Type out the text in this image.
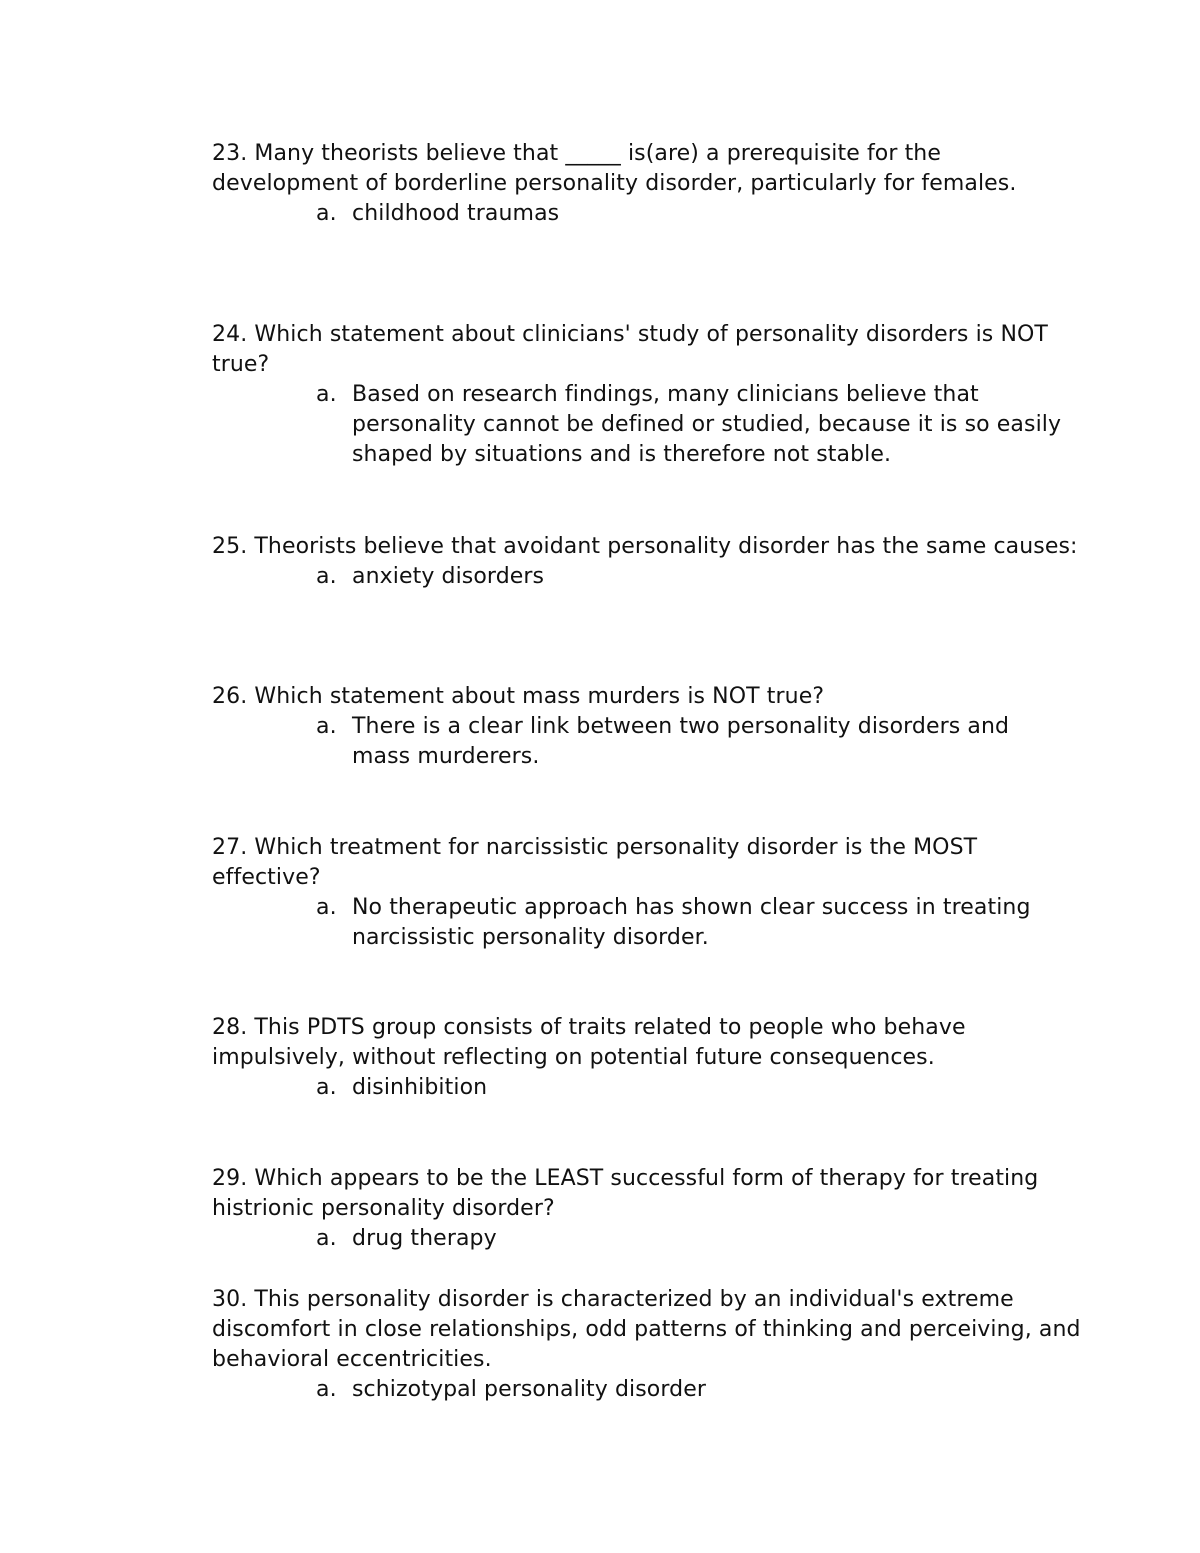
23. Many theorists believe that _____ is(are) a prerequisite for the development of borderline personality disorder, particularly for females.

a. childhood traumas

24. Which statement about clinicians' study of personality disorders is NOT true?

a. Based on research findings, many clinicians believe that personality cannot be defined or studied, because it is so easily shaped by situations and is therefore not stable.

25. Theorists believe that avoidant personality disorder has the same causes:

a. anxiety disorders

26. Which statement about mass murders is NOT true?

a. There is a clear link between two personality disorders and mass murderers.

27. Which treatment for narcissistic personality disorder is the MOST effective?

a. No therapeutic approach has shown clear success in treating narcissistic personality disorder.

28. This PDTS group consists of traits related to people who behave impulsively, without reflecting on potential future consequences.

a. disinhibition

29. Which appears to be the LEAST successful form of therapy for treating histrionic personality disorder?

a. drug therapy

30. This personality disorder is characterized by an individual's extreme discomfort in close relationships, odd patterns of thinking and perceiving, and behavioral eccentricities.

a. schizotypal personality disorder
